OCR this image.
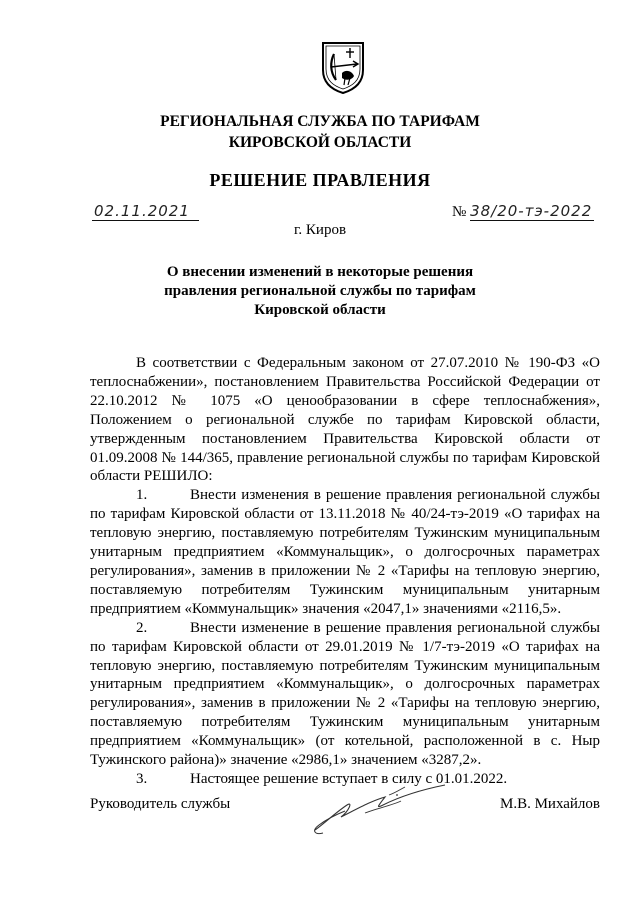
РЕГИОНАЛЬНАЯ СЛУЖБА ПО ТАРИФАМ
КИРОВСКОЙ ОБЛАСТИ
РЕШЕНИЕ ПРАВЛЕНИЯ
02.11.2021	№ 38/20-тэ-2022
г. Киров
О внесении изменений в некоторые решения
правления региональной службы по тарифам
Кировской области

В соответствии с Федеральным законом от 27.07.2010 № 190-ФЗ «О теплоснабжении», постановлением Правительства Российской Федерации от 22.10.2012 № 1075 «О ценообразовании в сфере теплоснабжения», Положением о региональной службе по тарифам Кировской области, утвержденным постановлением Правительства Кировской области от 01.09.2008 № 144/365, правление региональной службы по тарифам Кировской области РЕШИЛО:

1.	Внести изменения в решение правления региональной службы по тарифам Кировской области от 13.11.2018 № 40/24-тэ-2019 «О тарифах на тепловую энергию, поставляемую потребителям Тужинским муниципальным унитарным предприятием «Коммунальщик», о долгосрочных параметрах регулирования», заменив в приложении № 2 «Тарифы на тепловую энергию, поставляемую потребителям Тужинским муниципальным унитарным предприятием «Коммунальщик» значения «2047,1» значениями «2116,5».

2.	Внести изменение в решение правления региональной службы по тарифам Кировской области от 29.01.2019 № 1/7-тэ-2019 «О тарифах на тепловую энергию, поставляемую потребителям Тужинским муниципальным унитарным предприятием «Коммунальщик», о долгосрочных параметрах регулирования», заменив в приложении № 2 «Тарифы на тепловую энергию, поставляемую потребителям Тужинским муниципальным унитарным предприятием «Коммунальщик» (от котельной, расположенной в с. Ныр Тужинского района)» значение «2986,1» значением «3287,2».

3.	Настоящее решение вступает в силу с 01.01.2022.

Руководитель службы	М.В. Михайлов
